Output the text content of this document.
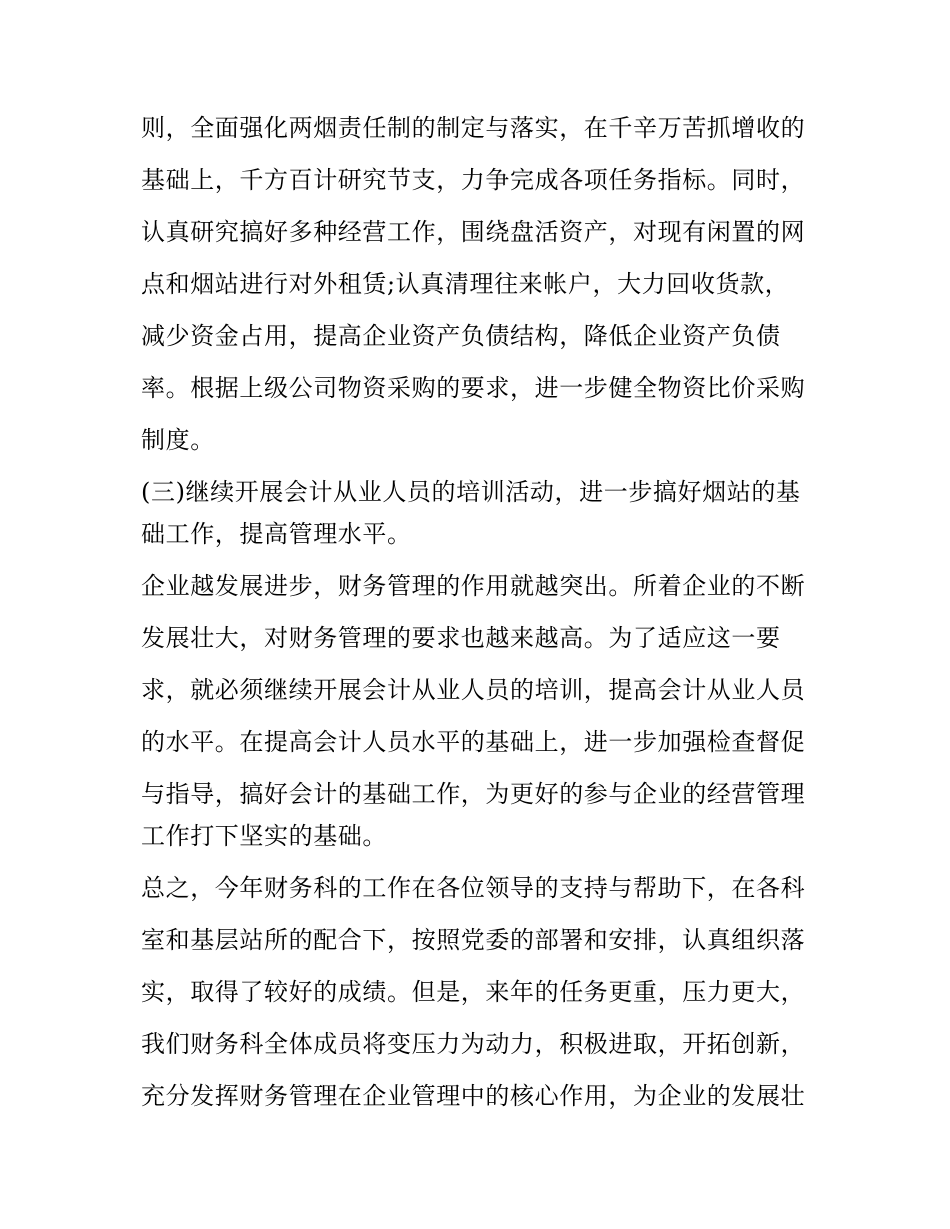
则，全面强化两烟责任制的制定与落实，在千辛万苦抓增收的
基础上，千方百计研究节支，力争完成各项任务指标。同时，
认真研究搞好多种经营工作，围绕盘活资产，对现有闲置的网
点和烟站进行对外租赁;认真清理往来帐户，大力回收货款，
减少资金占用，提高企业资产负债结构，降低企业资产负债
率。根据上级公司物资采购的要求，进一步健全物资比价采购
制度。
(三)继续开展会计从业人员的培训活动，进一步搞好烟站的基
础工作，提高管理水平。
企业越发展进步，财务管理的作用就越突出。所着企业的不断
发展壮大，对财务管理的要求也越来越高。为了适应这一要
求，就必须继续开展会计从业人员的培训，提高会计从业人员
的水平。在提高会计人员水平的基础上，进一步加强检查督促
与指导，搞好会计的基础工作，为更好的参与企业的经营管理
工作打下坚实的基础。
总之，今年财务科的工作在各位领导的支持与帮助下，在各科
室和基层站所的配合下，按照党委的部署和安排，认真组织落
实，取得了较好的成绩。但是，来年的任务更重，压力更大，
我们财务科全体成员将变压力为动力，积极进取，开拓创新，
充分发挥财务管理在企业管理中的核心作用，为企业的发展壮
